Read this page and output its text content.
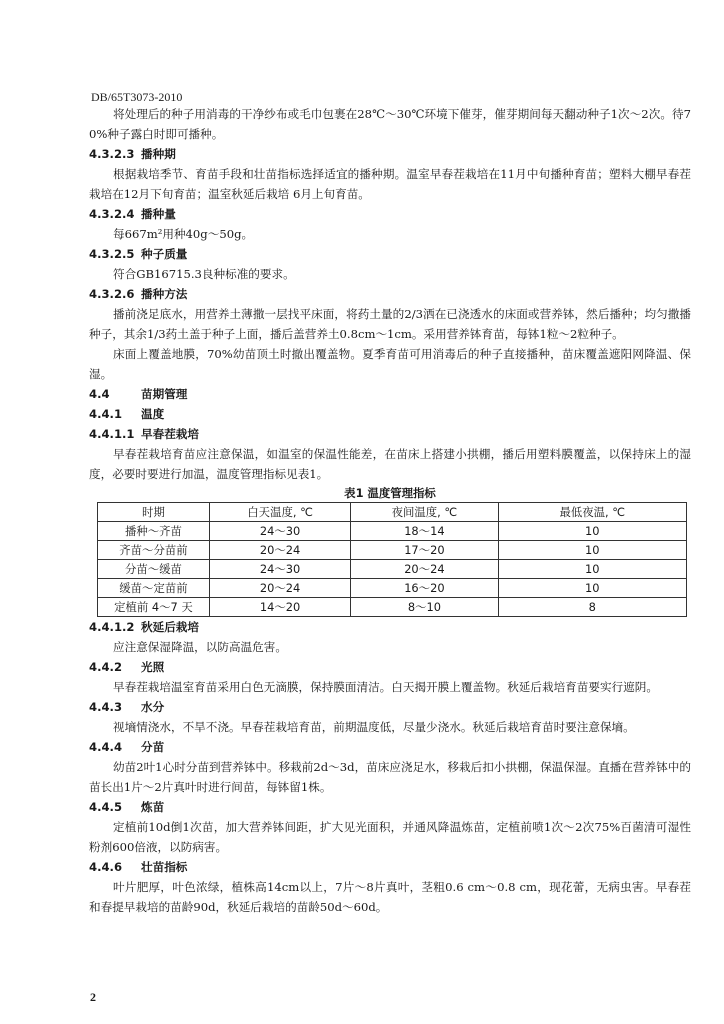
DB/65T3073-2010

将处理后的种子用消毒的干净纱布或毛巾包裹在28℃～30℃环境下催芽，催芽期间每天翻动种子1次～2次。待70%种子露白时即可播种。

4.3.2.3 播种期

根据栽培季节、育苗手段和壮苗指标选择适宜的播种期。温室早春茬栽培在11月中旬播种育苗；塑料大棚早春茬栽培在12月下旬育苗；温室秋延后栽培 6月上旬育苗。

4.3.2.4 播种量

每667m²用种40g～50g。

4.3.2.5 种子质量

符合GB16715.3良种标准的要求。

4.3.2.6 播种方法

播前浇足底水，用营养土薄撒一层找平床面，将药土量的2/3洒在已浇透水的床面或营养钵，然后播种；均匀撒播种子，其余1/3药土盖于种子上面，播后盖营养土0.8cm～1cm。采用营养钵育苗，每钵1粒～2粒种子。

床面上覆盖地膜，70%幼苗顶土时撤出覆盖物。夏季育苗可用消毒后的种子直接播种，苗床覆盖遮阳网降温、保湿。

4.4	苗期管理
4.4.1 温度
4.4.1.1 早春茬栽培

早春茬栽培育苗应注意保温，如温室的保温性能差，在苗床上搭建小拱棚，播后用塑料膜覆盖，以保持床上的湿度，必要时要进行加温，温度管理指标见表1。

表1 温度管理指标
时期	白天温度, ℃	夜间温度, ℃	最低夜温, ℃
播种～齐苗	24～30	18～14	10
齐苗～分苗前	20～24	17～20	10
分苗～缓苗	24～30	20～24	10
缓苗～定苗前	20～24	16～20	10
定植前 4～7 天	14～20	8～10	8
4.4.1.2 秋延后栽培

应注意保湿降温，以防高温危害。

4.4.2 光照

早春茬栽培温室育苗采用白色无滴膜，保持膜面清洁。白天揭开膜上覆盖物。秋延后栽培育苗要实行遮阴。

4.4.3 水分

视墒情浇水，不旱不浇。早春茬栽培育苗，前期温度低，尽量少浇水。秋延后栽培育苗时要注意保墒。

4.4.4 分苗

幼苗2叶1心时分苗到营养钵中。移栽前2d～3d，苗床应浇足水，移栽后扣小拱棚，保温保湿。直播在营养钵中的苗长出1片～2片真叶时进行间苗，每钵留1株。

4.4.5 炼苗

定植前10d倒1次苗，加大营养钵间距，扩大见光面积，并通风降温炼苗，定植前喷1次～2次75%百菌清可湿性粉剂600倍液，以防病害。

4.4.6 壮苗指标

叶片肥厚，叶色浓绿，植株高14cm以上，7片～8片真叶，茎粗0.6 cm～0.8 cm，现花蕾，无病虫害。早春茬和春提早栽培的苗龄90d，秋延后栽培的苗龄50d～60d。

2
